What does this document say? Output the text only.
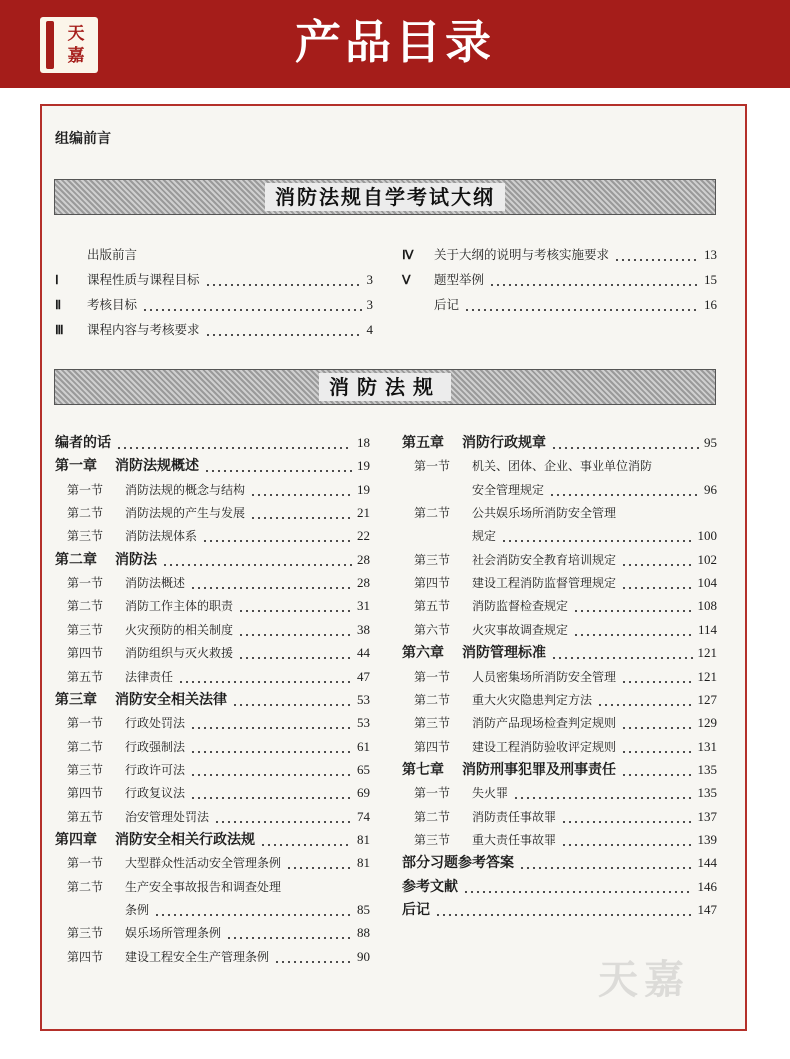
天
嘉	产品目录
组编前言
消防法规自学考试大纲
消防法规
出版前言
Ⅰ	课程性质与课程目标	3
Ⅱ	考核目标	3
Ⅲ	课程内容与考核要求	4
Ⅳ	关于大纲的说明与考核实施要求	13
Ⅴ	题型举例	15
后记	16
编者的话	18
第一章 消防法规概述	19
第一节	消防法规的概念与结构	19
第二节	消防法规的产生与发展	21
第三节	消防法规体系	22
第二章 消防法	28
第一节	消防法概述	28
第二节	消防工作主体的职责	31
第三节	火灾预防的相关制度	38
第四节	消防组织与灭火救援	44
第五节	法律责任	47
第三章 消防安全相关法律	53
第一节	行政处罚法	53
第二节	行政强制法	61
第三节	行政许可法	65
第四节	行政复议法	69
第五节	治安管理处罚法	74
第四章 消防安全相关行政法规	81
第一节	大型群众性活动安全管理条例	81
第二节	生产安全事故报告和调查处理
条例	85
第三节	娱乐场所管理条例	88
第四节	建设工程安全生产管理条例	90
第五章 消防行政规章	95
第一节	机关、团体、企业、事业单位消防
安全管理规定	96
第二节	公共娱乐场所消防安全管理
规定	100
第三节	社会消防安全教育培训规定	102
第四节	建设工程消防监督管理规定	104
第五节	消防监督检查规定	108
第六节	火灾事故调查规定	114
第六章 消防管理标准	121
第一节	人员密集场所消防安全管理	121
第二节	重大火灾隐患判定方法	127
第三节	消防产品现场检查判定规则	129
第四节	建设工程消防验收评定规则	131
第七章 消防刑事犯罪及刑事责任	135
第一节	失火罪	135
第二节	消防责任事故罪	137
第三节	重大责任事故罪	139
部分习题参考答案	144
参考文献	146
后记	147
天嘉
